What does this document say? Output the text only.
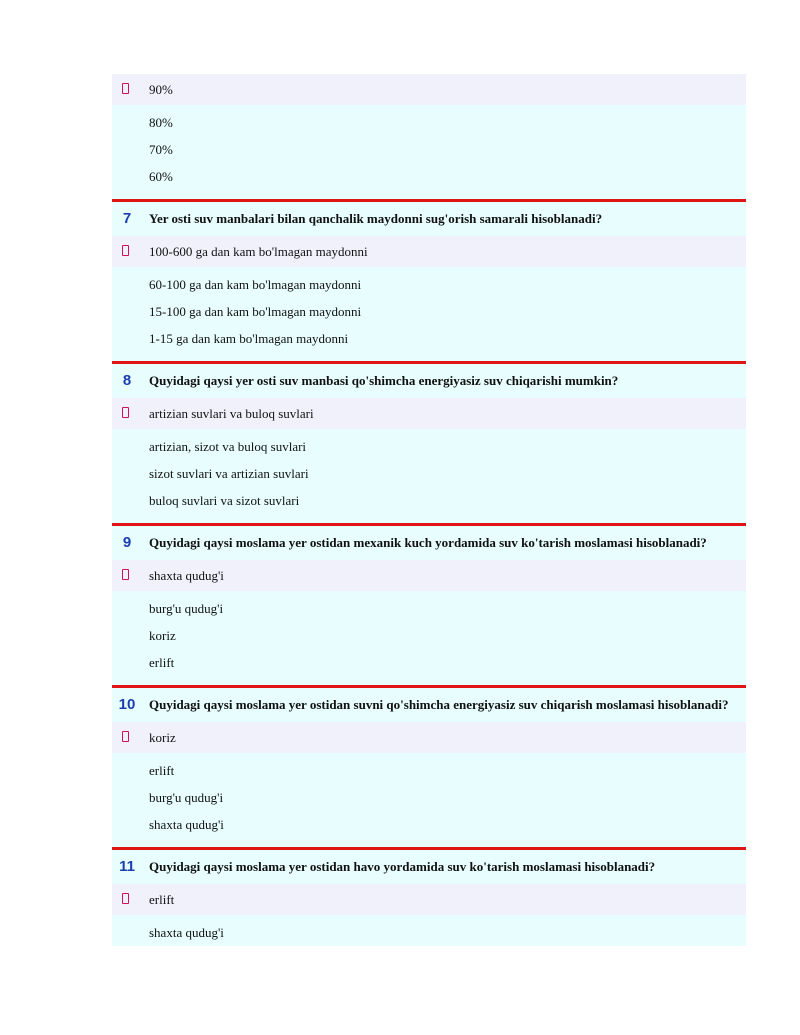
90%
80%
70%
60%
7	Yer osti suv manbalari bilan qanchalik maydonni sug'orish samarali hisoblanadi?
100-600 ga dan kam bo'lmagan maydonni
60-100 ga dan kam bo'lmagan maydonni
15-100 ga dan kam bo'lmagan maydonni
1-15 ga dan kam bo'lmagan maydonni
8	Quyidagi qaysi yer osti suv manbasi qo'shimcha energiyasiz suv chiqarishi mumkin?
artizian suvlari va buloq suvlari
artizian, sizot va buloq suvlari
sizot suvlari va artizian suvlari
buloq suvlari va sizot suvlari
9	Quyidagi qaysi moslama yer ostidan mexanik kuch yordamida suv ko'tarish moslamasi hisoblanadi?
shaxta qudug'i
burg'u qudug'i
koriz
erlift
10	Quyidagi qaysi moslama yer ostidan suvni qo'shimcha energiyasiz suv chiqarish moslamasi hisoblanadi?
koriz
erlift
burg'u qudug'i
shaxta qudug'i
11	Quyidagi qaysi moslama yer ostidan havo yordamida suv ko'tarish moslamasi hisoblanadi?
erlift
shaxta qudug'i
